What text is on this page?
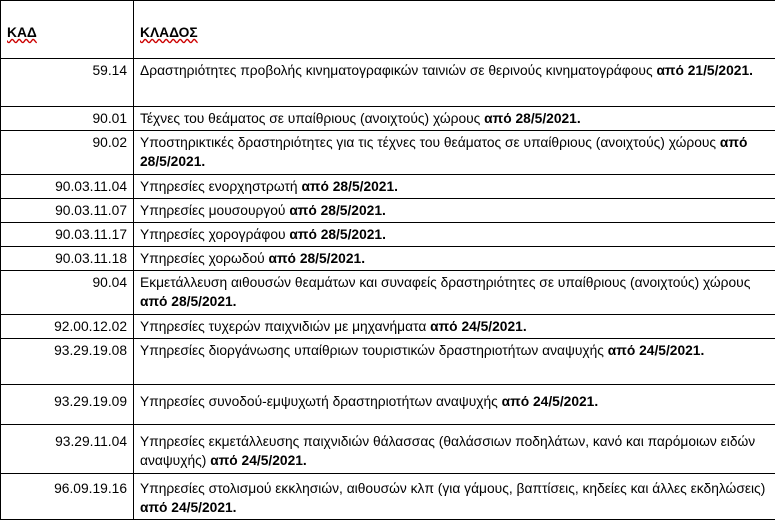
ΚΑΔ	ΚΛΑΔΟΣ
59.14	Δραστηριότητες προβολής κινηματογραφικών ταινιών σε θερινούς κινηματογράφους από 21/5/2021.
90.01	Τέχνες του θεάματος σε υπαίθριους (ανοιχτούς) χώρους από 28/5/2021.
90.02	Υποστηρικτικές δραστηριότητες για τις τέχνες του θεάματος σε υπαίθριους (ανοιχτούς) χώρους από 28/5/2021.
90.03.11.04	Υπηρεσίες ενορχηστρωτή από 28/5/2021.
90.03.11.07	Υπηρεσίες μουσουργού από 28/5/2021.
90.03.11.17	Υπηρεσίες χορογράφου από 28/5/2021.
90.03.11.18	Υπηρεσίες χορωδού από 28/5/2021.
90.04	Εκμετάλλευση αιθουσών θεαμάτων και συναφείς δραστηριότητες σε υπαίθριους (ανοιχτούς) χώρους από 28/5/2021.
92.00.12.02	Υπηρεσίες τυχερών παιχνιδιών με μηχανήματα από 24/5/2021.
93.29.19.08	Υπηρεσίες διοργάνωσης υπαίθριων τουριστικών δραστηριοτήτων αναψυχής από 24/5/2021.
93.29.19.09	Υπηρεσίες συνοδού-εμψυχωτή δραστηριοτήτων αναψυχής από 24/5/2021.
93.29.11.04	Υπηρεσίες εκμετάλλευσης παιχνιδιών θάλασσας (θαλάσσιων ποδηλάτων, κανό και παρόμοιων ειδών αναψυχής) από 24/5/2021.
96.09.19.16	Υπηρεσίες στολισμού εκκλησιών, αιθουσών κλπ (για γάμους, βαπτίσεις, κηδείες και άλλες εκδηλώσεις) από 24/5/2021.
